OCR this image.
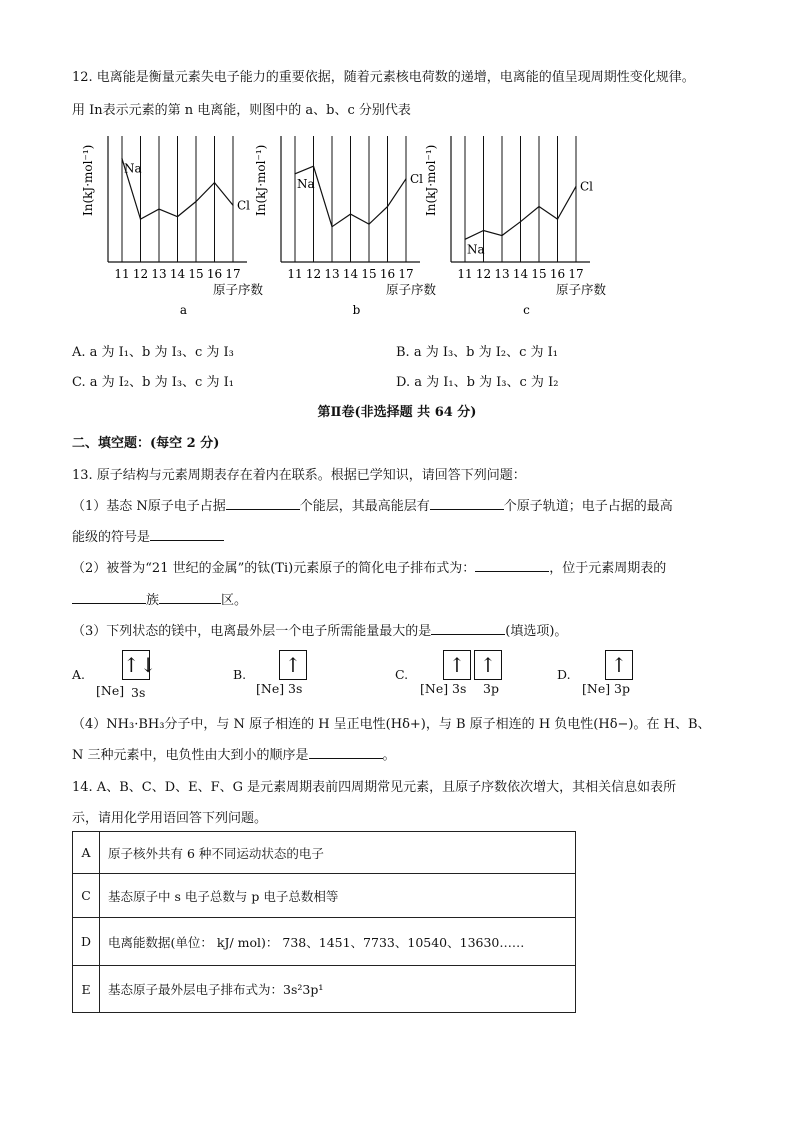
12. 电离能是衡量元素失电子能力的重要依据，随着元素核电荷数的递增，电离能的值呈现周期性变化规律。
用 In表示元素的第 n 电离能，则图中的 a、b、c 分别代表
11 12 13 14 15 16 17
In(kJ·mol⁻¹)
原子序数
a
Na
Cl
11 12 13 14 15 16 17
In(kJ·mol⁻¹)
原子序数
b
Na	Cl
11 12 13 14 15 16 17
In(kJ·mol⁻¹)
原子序数
c
Na
Cl
A. a 为 I₁、b 为 I₃、c 为 I₃	B. a 为 I₃、b 为 I₂、c 为 I₁
C. a 为 I₂、b 为 I₃、c 为 I₁	D. a 为 I₁、b 为 I₃、c 为 I₂
第Ⅱ卷(非选择题 共 64 分)
二、填空题：(每空 2 分)
13. 原子结构与元素周期表存在着内在联系。根据已学知识，请回答下列问题：
（1）基态 N原子电子占据	个能层，其最高能层有	个原子轨道；电子占据的最高
能级的符号是
（2）被誉为“21 世纪的金属”的钛(Ti)元素原子的简化电子排布式为：	，位于元素周期表的
族	区。
（3）下列状态的镁中，电离最外层一个电子所需能量最大的是	(填选项)。
A. ↑↓
[Ne] 3s
B. ↑
[Ne] 3s
C. ↑ ↑
[Ne] 3s 3p
D. ↑
[Ne] 3p
（4）NH₃·BH₃分子中，与 N 原子相连的 H 呈正电性(Hδ+)，与 B 原子相连的 H 负电性(Hδ−)。在 H、B、
N 三种元素中，电负性由大到小的顺序是	。
14. A、B、C、D、E、F、G 是元素周期表前四周期常见元素，且原子序数依次增大，其相关信息如表所
示，请用化学用语回答下列问题。
A	原子核外共有 6 种不同运动状态的电子
C	基态原子中 s 电子总数与 p 电子总数相等
D	电离能数据(单位： kJ/ mol)： 738、1451、7733、10540、13630……
E	基态原子最外层电子排布式为：3s²3p¹
